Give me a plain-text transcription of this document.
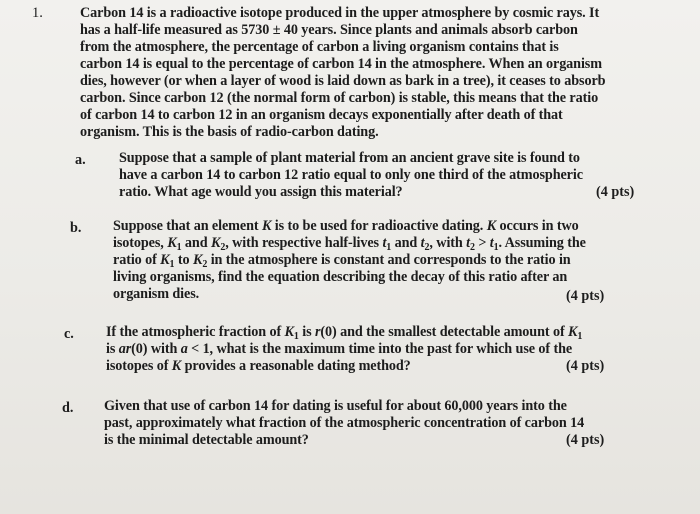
1.	Carbon 14 is a radioactive isotope produced in the upper atmosphere by cosmic rays. It
has a half-life measured as 5730 ± 40 years. Since plants and animals absorb carbon
from the atmosphere, the percentage of carbon a living organism contains that is
carbon 14 is equal to the percentage of carbon 14 in the atmosphere. When an organism
dies, however (or when a layer of wood is laid down as bark in a tree), it ceases to absorb
carbon. Since carbon 12 (the normal form of carbon) is stable, this means that the ratio
of carbon 14 to carbon 12 in an organism decays exponentially after death of that
organism. This is the basis of radio-carbon dating.
a. Suppose that a sample of plant material from an ancient grave site is found to
have a carbon 14 to carbon 12 ratio equal to only one third of the atmospheric
ratio. What age would you assign this material?	(4 pts)
b. Suppose that an element K is to be used for radioactive dating. K occurs in two
isotopes, $K_1$ and $K_2$, with respective half-lives $t_1$ and $t_2$, with $t_2 > t_1$. Assuming the
ratio of $K_1$ to $K_2$ in the atmosphere is constant and corresponds to the ratio in
living organisms, find the equation describing the decay of this ratio after an
organism dies.	(4 pts)
c. If the atmospheric fraction of $K_1$ is r(0) and the smallest detectable amount of $K_1$
is ar(0) with a < 1, what is the maximum time into the past for which use of the
isotopes of K provides a reasonable dating method?	(4 pts)
d. Given that use of carbon 14 for dating is useful for about 60,000 years into the
past, approximately what fraction of the atmospheric concentration of carbon 14
is the minimal detectable amount?	(4 pts)
